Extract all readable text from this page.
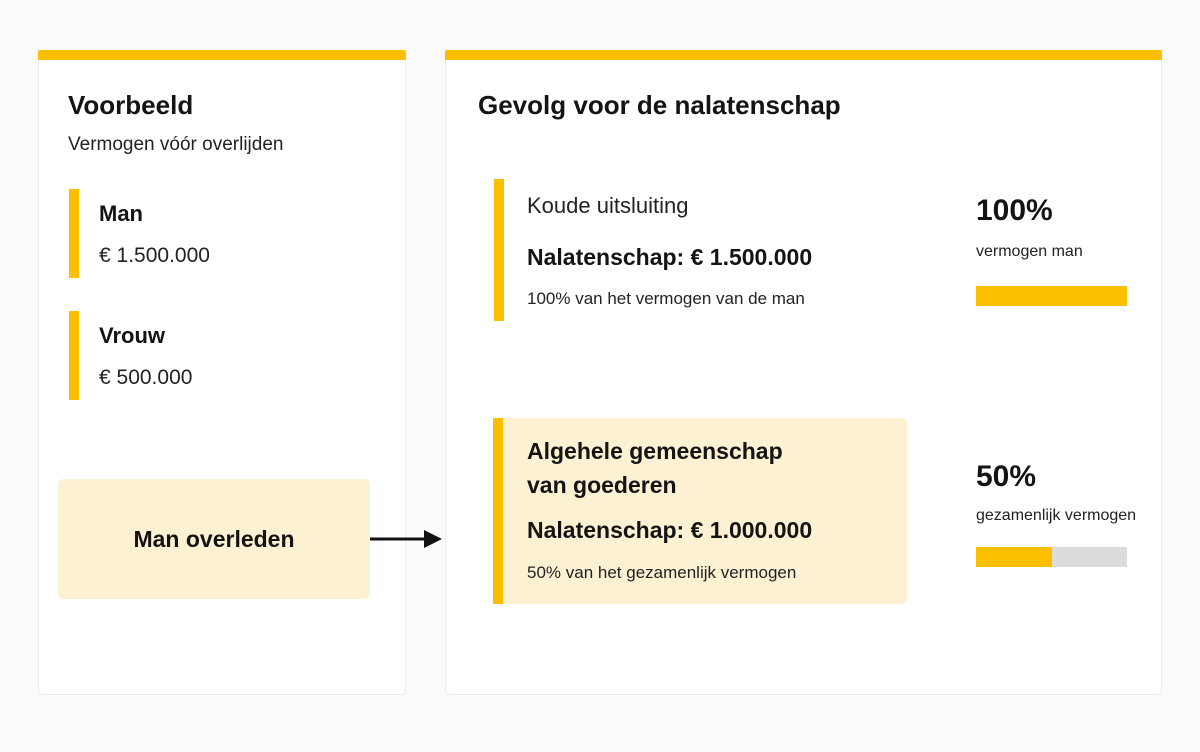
Voorbeeld
Vermogen vóór overlijden
Man
€ 1.500.000
Vrouw
€ 500.000
Man overleden
Gevolg voor de nalatenschap
Koude uitsluiting
Nalatenschap: € 1.500.000
100% van het vermogen van de man
100%
vermogen man
Algehele gemeenschap
van goederen
Nalatenschap: € 1.000.000
50% van het gezamenlijk vermogen
50%
gezamenlijk vermogen
